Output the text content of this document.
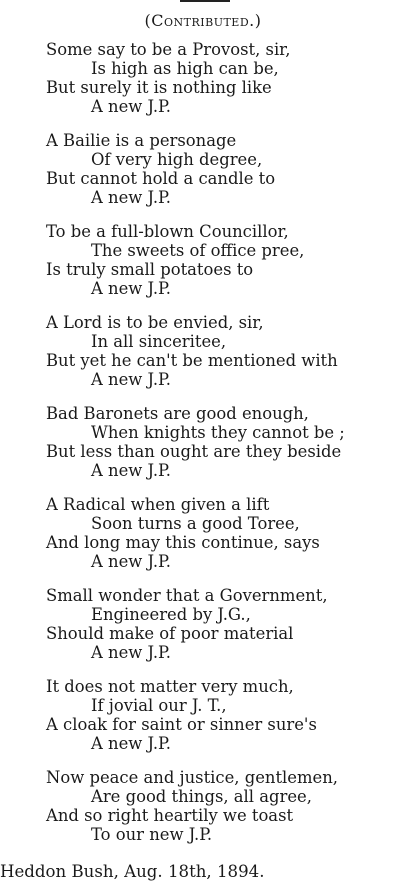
(Contributed.)
Some say to be a Provost, sir,
Is high as high can be,
But surely it is nothing like
A new J.P.
A Bailie is a personage
Of very high degree,
But cannot hold a candle to
A new J.P.
To be a full-blown Councillor,
The sweets of office pree,
Is truly small potatoes to
A new J.P.
A Lord is to be envied, sir,
In all sinceritee,
But yet he can't be mentioned with
A new J.P.
Bad Baronets are good enough,
When knights they cannot be ;
But less than ought are they beside
A new J.P.
A Radical when given a lift
Soon turns a good Toree,
And long may this continue, says
A new J.P.
Small wonder that a Government,
Engineered by J.G.,
Should make of poor material
A new J.P.
It does not matter very much,
If jovial our J. T.,
A cloak for saint or sinner sure's
A new J.P.
Now peace and justice, gentlemen,
Are good things, all agree,
And so right heartily we toast
To our new J.P.
Heddon Bush, Aug. 18th, 1894.
